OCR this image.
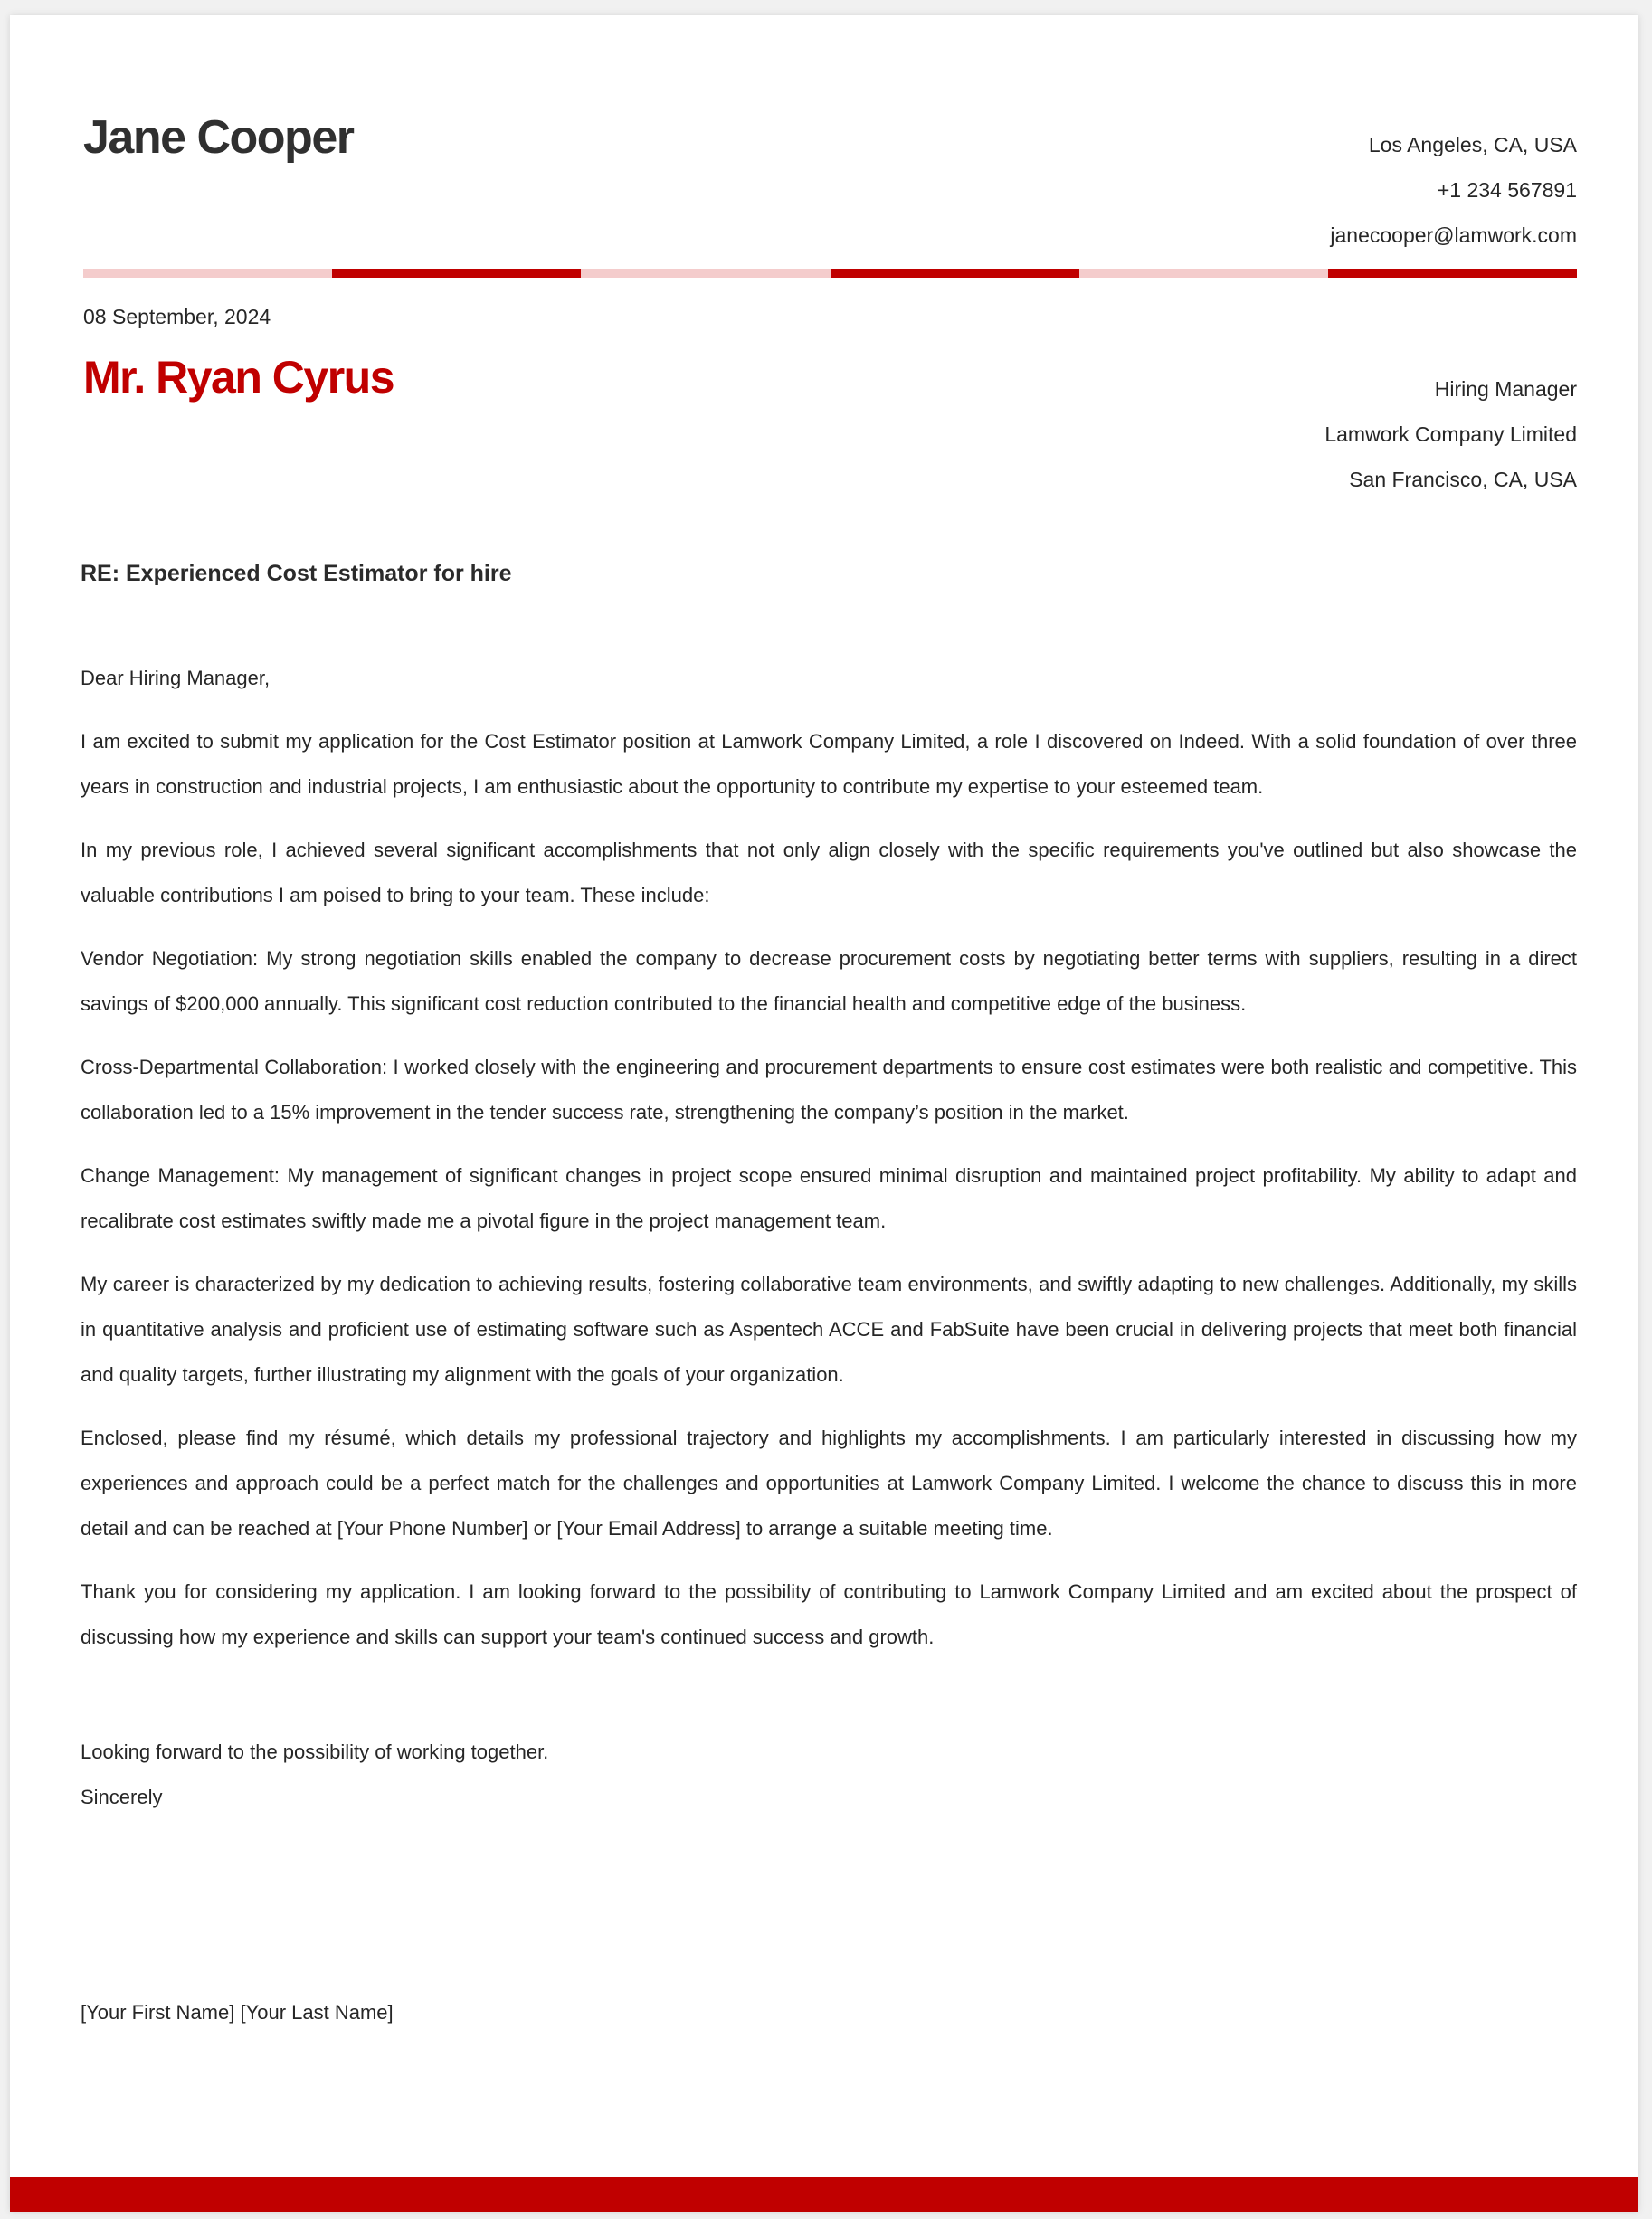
Jane Cooper	Los Angeles, CA, USA
+1 234 567891
janecooper@lamwork.com
08 September, 2024
Mr. Ryan Cyrus	Hiring Manager
Lamwork Company Limited
San Francisco, CA, USA
RE: Experienced Cost Estimator for hire

Dear Hiring Manager,

I am excited to submit my application for the Cost Estimator position at Lamwork Company Limited, a role I discovered on Indeed. With a solid foundation of over three years in construction and industrial projects, I am enthusiastic about the opportunity to contribute my expertise to your esteemed team.

In my previous role, I achieved several significant accomplishments that not only align closely with the specific requirements you've outlined but also showcase the valuable contributions I am poised to bring to your team. These include:

Vendor Negotiation: My strong negotiation skills enabled the company to decrease procurement costs by negotiating better terms with suppliers, resulting in a direct savings of $200,000 annually. This significant cost reduction contributed to the financial health and competitive edge of the business.

Cross-Departmental Collaboration: I worked closely with the engineering and procurement departments to ensure cost estimates were both realistic and competitive. This collaboration led to a 15% improvement in the tender success rate, strengthening the company’s position in the market.

Change Management: My management of significant changes in project scope ensured minimal disruption and maintained project profitability. My ability to adapt and recalibrate cost estimates swiftly made me a pivotal figure in the project management team.

My career is characterized by my dedication to achieving results, fostering collaborative team environments, and swiftly adapting to new challenges. Additionally, my skills in quantitative analysis and proficient use of estimating software such as Aspentech ACCE and FabSuite have been crucial in delivering projects that meet both financial and quality targets, further illustrating my alignment with the goals of your organization.

Enclosed, please find my résumé, which details my professional trajectory and highlights my accomplishments. I am particularly interested in discussing how my experiences and approach could be a perfect match for the challenges and opportunities at Lamwork Company Limited. I welcome the chance to discuss this in more detail and can be reached at [Your Phone Number] or [Your Email Address] to arrange a suitable meeting time.

Thank you for considering my application. I am looking forward to the possibility of contributing to Lamwork Company Limited and am excited about the prospect of discussing how my experience and skills can support your team's continued success and growth.

Looking forward to the possibility of working together.
Sincerely
[Your First Name] [Your Last Name]
